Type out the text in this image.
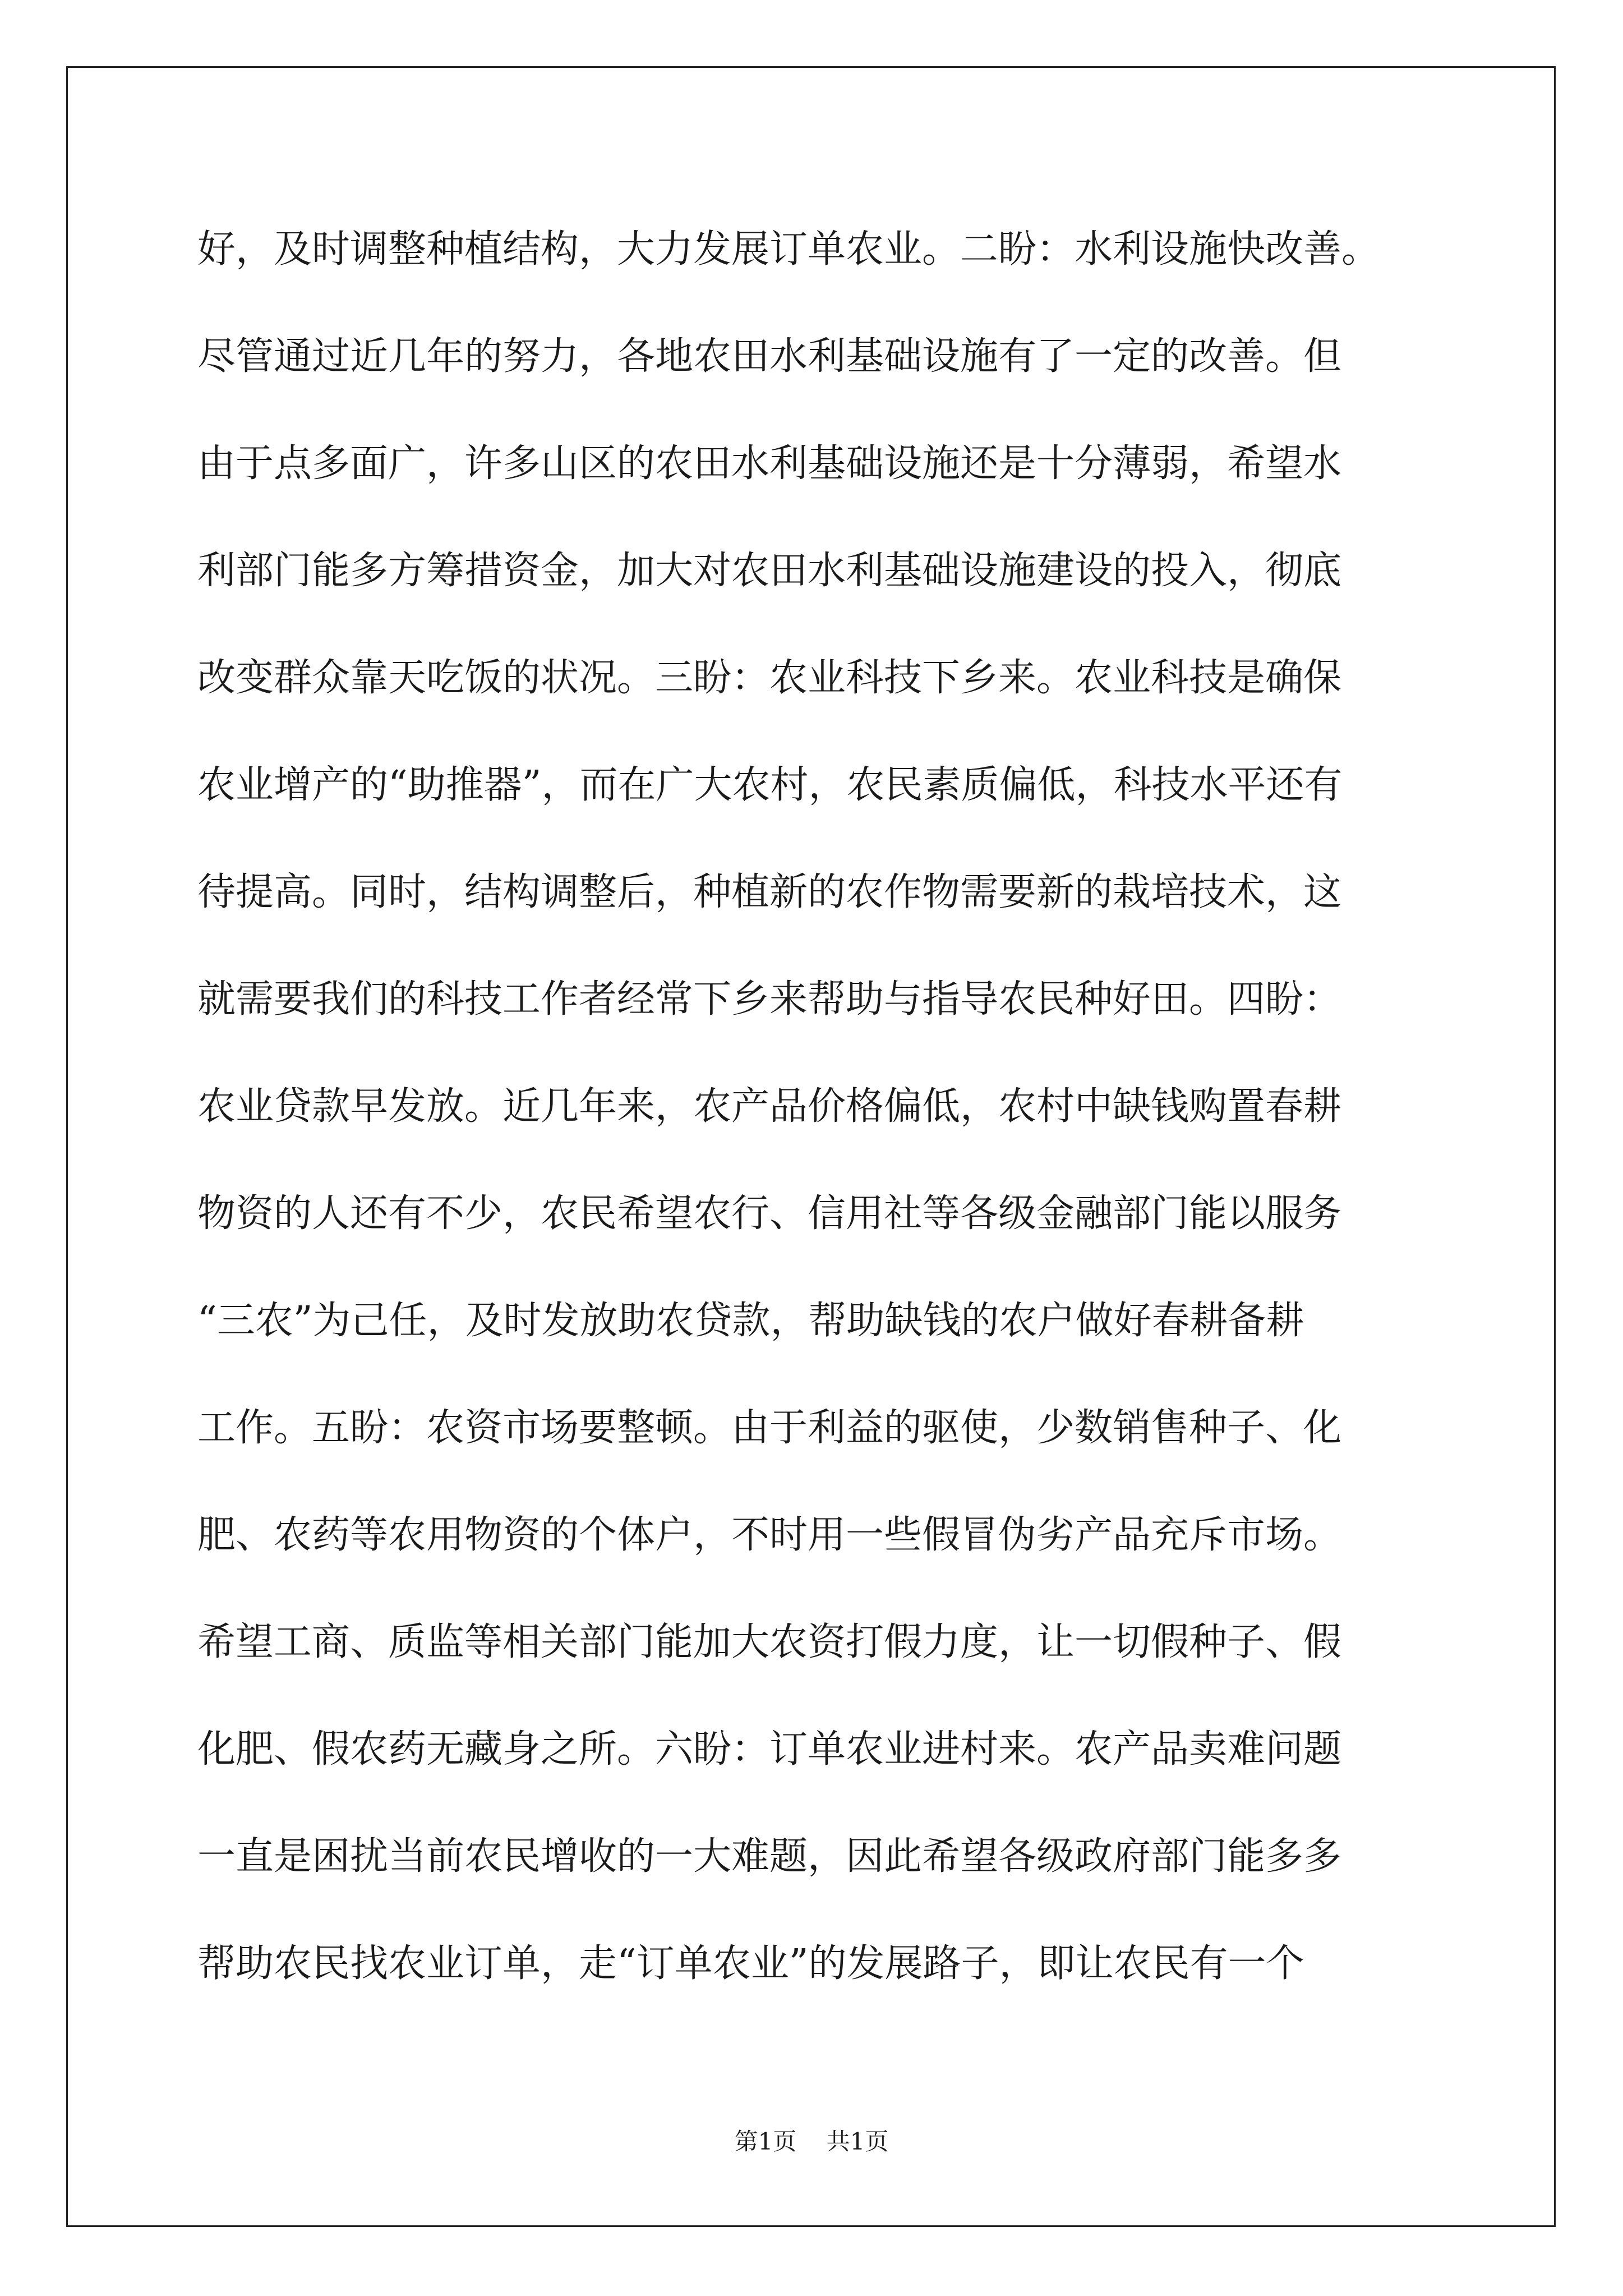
好，及时调整种植结构，大力发展订单农业。二盼：水利设施快改善。
尽管通过近几年的努力，各地农田水利基础设施有了一定的改善。但
由于点多面广，许多山区的农田水利基础设施还是十分薄弱，希望水
利部门能多方筹措资金，加大对农田水利基础设施建设的投入，彻底
改变群众靠天吃饭的状况。三盼：农业科技下乡来。农业科技是确保
农业增产的“助推器”，而在广大农村，农民素质偏低，科技水平还有
待提高。同时，结构调整后，种植新的农作物需要新的栽培技术，这
就需要我们的科技工作者经常下乡来帮助与指导农民种好田。四盼：
农业贷款早发放。近几年来，农产品价格偏低，农村中缺钱购置春耕
物资的人还有不少，农民希望农行、信用社等各级金融部门能以服务
“三农”为己任，及时发放助农贷款，帮助缺钱的农户做好春耕备耕
工作。五盼：农资市场要整顿。由于利益的驱使，少数销售种子、化
肥、农药等农用物资的个体户，不时用一些假冒伪劣产品充斥市场。
希望工商、质监等相关部门能加大农资打假力度，让一切假种子、假
化肥、假农药无藏身之所。六盼：订单农业进村来。农产品卖难问题
一直是困扰当前农民增收的一大难题，因此希望各级政府部门能多多
帮助农民找农业订单，走“订单农业”的发展路子，即让农民有一个
第1页 共1页
